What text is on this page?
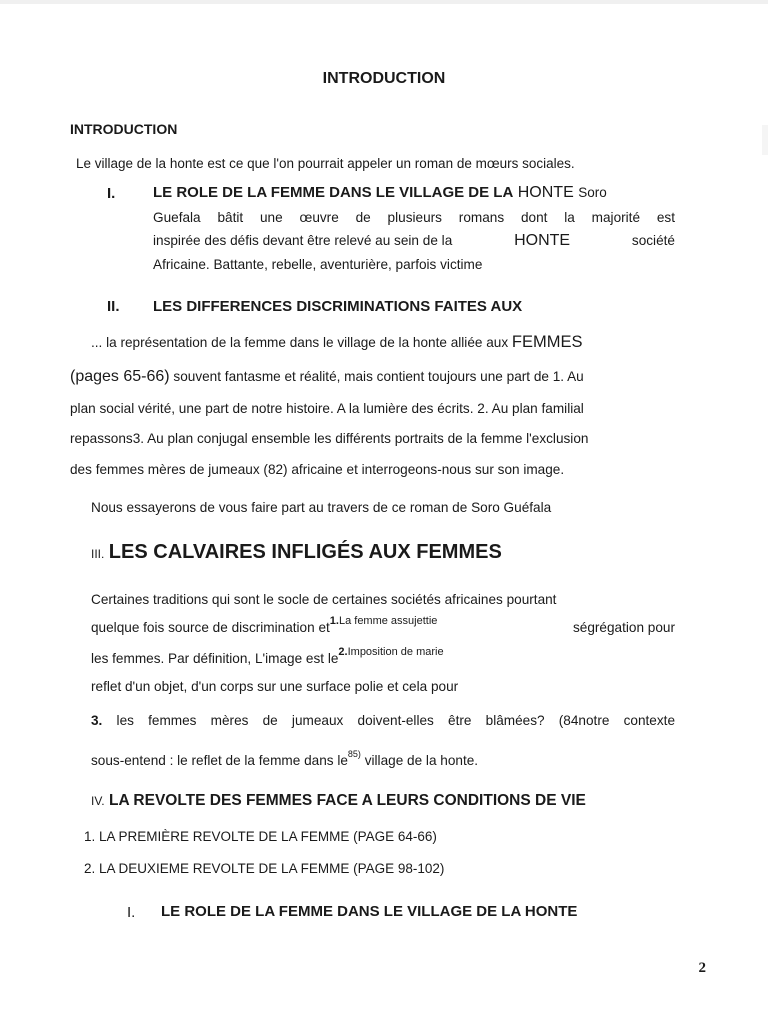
INTRODUCTION
INTRODUCTION
Le village de la honte est ce que l'on pourrait appeler un roman de mœurs sociales.
I.	LE ROLE DE LA FEMME DANS LE VILLAGE DE LA HONTE Soro
Guefala bâtit une œuvre de plusieurs romans dont la majorité est
inspirée des défis devant être relevé au sein de la	HONTE	société
Africaine. Battante, rebelle, aventurière, parfois victime
II. LES DIFFERENCES DISCRIMINATIONS FAITES AUX
... la représentation de la femme dans le village de la honte alliée aux FEMMES
(pages 65-66) souvent fantasme et réalité, mais contient toujours une part de 1. Au
plan social vérité, une part de notre histoire. A la lumière des écrits. 2. Au plan familial
repassons3. Au plan conjugal ensemble les différents portraits de la femme l'exclusion
des femmes mères de jumeaux (82) africaine et interrogeons-nous sur son image.
Nous essayerons de vous faire part au travers de ce roman de Soro Guéfala
III. LES CALVAIRES INFLIGÉS AUX FEMMES
Certaines traditions qui sont le socle de certaines sociétés africaines pourtant
quelque fois source de discrimination $et^{1.La femme assujettie}$	ségrégation pour
les femmes. Par définition, L'image est $le^{2.Imposition de marie}$
reflet d'un objet, d'un corps sur une surface polie et cela pour
3. les femmes mères de jumeaux doivent-elles être blâmées? (84notre contexte
sous-entend : le reflet de la femme dans $le^{85)}$ village de la honte.
IV. LA REVOLTE DES FEMMES FACE A LEURS CONDITIONS DE VIE
1. LA PREMIÈRE REVOLTE DE LA FEMME (PAGE 64-66)
2. LA DEUXIEME REVOLTE DE LA FEMME (PAGE 98-102)
I. LE ROLE DE LA FEMME DANS LE VILLAGE DE LA HONTE
2
